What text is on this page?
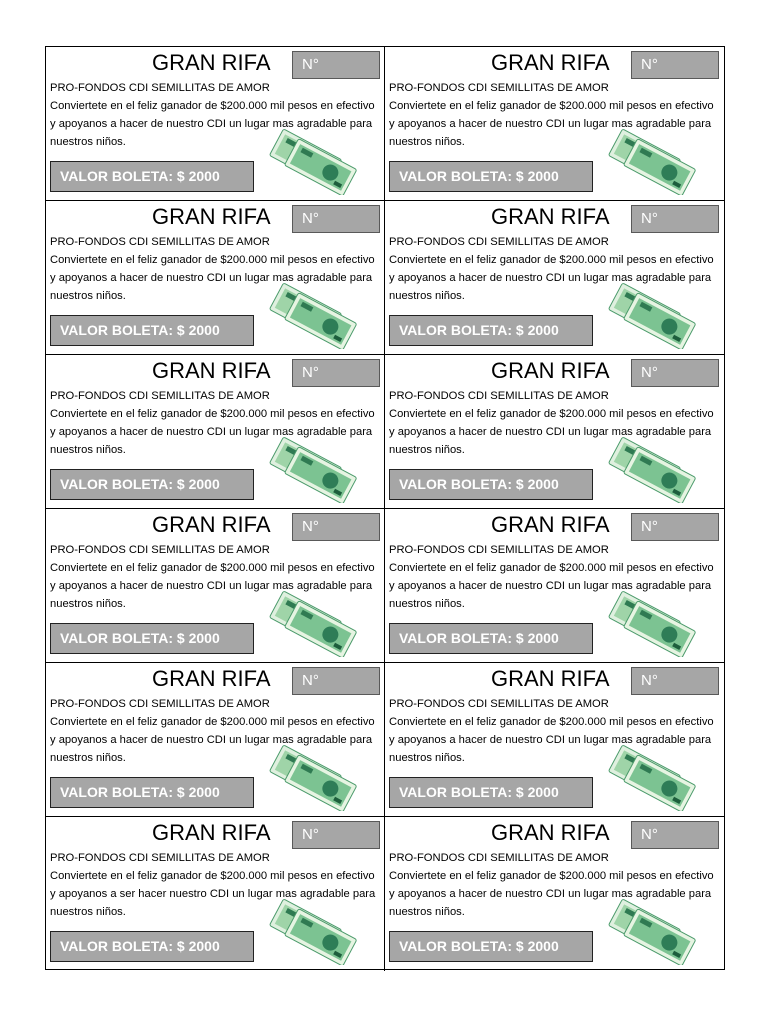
GRAN RIFA	N°
PRO-FONDOS CDI SEMILLITAS DE AMOR
Conviertete en el feliz ganador de $200.000 mil pesos en efectivo y apoyanos a hacer de nuestro CDI un lugar mas agradable para nuestros niños.
VALOR BOLETA: $ 2000
GRAN RIFA	N°
PRO-FONDOS CDI SEMILLITAS DE AMOR
Conviertete en el feliz ganador de $200.000 mil pesos en efectivo y apoyanos a hacer de nuestro CDI un lugar mas agradable para nuestros niños.
VALOR BOLETA: $ 2000
GRAN RIFA	N°
PRO-FONDOS CDI SEMILLITAS DE AMOR
Conviertete en el feliz ganador de $200.000 mil pesos en efectivo y apoyanos a hacer de nuestro CDI un lugar mas agradable para nuestros niños.
VALOR BOLETA: $ 2000
GRAN RIFA	N°
PRO-FONDOS CDI SEMILLITAS DE AMOR
Conviertete en el feliz ganador de $200.000 mil pesos en efectivo y apoyanos a hacer de nuestro CDI un lugar mas agradable para nuestros niños.
VALOR BOLETA: $ 2000
GRAN RIFA	N°
PRO-FONDOS CDI SEMILLITAS DE AMOR
Conviertete en el feliz ganador de $200.000 mil pesos en efectivo y apoyanos a hacer de nuestro CDI un lugar mas agradable para nuestros niños.
VALOR BOLETA: $ 2000
GRAN RIFA	N°
PRO-FONDOS CDI SEMILLITAS DE AMOR
Conviertete en el feliz ganador de $200.000 mil pesos en efectivo y apoyanos a hacer de nuestro CDI un lugar mas agradable para nuestros niños.
VALOR BOLETA: $ 2000
GRAN RIFA	N°
PRO-FONDOS CDI SEMILLITAS DE AMOR
Conviertete en el feliz ganador de $200.000 mil pesos en efectivo y apoyanos a hacer de nuestro CDI un lugar mas agradable para nuestros niños.
VALOR BOLETA: $ 2000
GRAN RIFA	N°
PRO-FONDOS CDI SEMILLITAS DE AMOR
Conviertete en el feliz ganador de $200.000 mil pesos en efectivo y apoyanos a hacer de nuestro CDI un lugar mas agradable para nuestros niños.
VALOR BOLETA: $ 2000
GRAN RIFA	N°
PRO-FONDOS CDI SEMILLITAS DE AMOR
Conviertete en el feliz ganador de $200.000 mil pesos en efectivo y apoyanos a hacer de nuestro CDI un lugar mas agradable para nuestros niños.
VALOR BOLETA: $ 2000
GRAN RIFA	N°
PRO-FONDOS CDI SEMILLITAS DE AMOR
Conviertete en el feliz ganador de $200.000 mil pesos en efectivo y apoyanos a hacer de nuestro CDI un lugar mas agradable para nuestros niños.
VALOR BOLETA: $ 2000
GRAN RIFA	N°
PRO-FONDOS CDI SEMILLITAS DE AMOR
Conviertete en el feliz ganador de $200.000 mil pesos en efectivo y apoyanos a ser hacer nuestro CDI un lugar mas agradable para nuestros niños.
VALOR BOLETA: $ 2000
GRAN RIFA	N°
PRO-FONDOS CDI SEMILLITAS DE AMOR
Conviertete en el feliz ganador de $200.000 mil pesos en efectivo y apoyanos a hacer de nuestro CDI un lugar mas agradable para nuestros niños.
VALOR BOLETA: $ 2000
